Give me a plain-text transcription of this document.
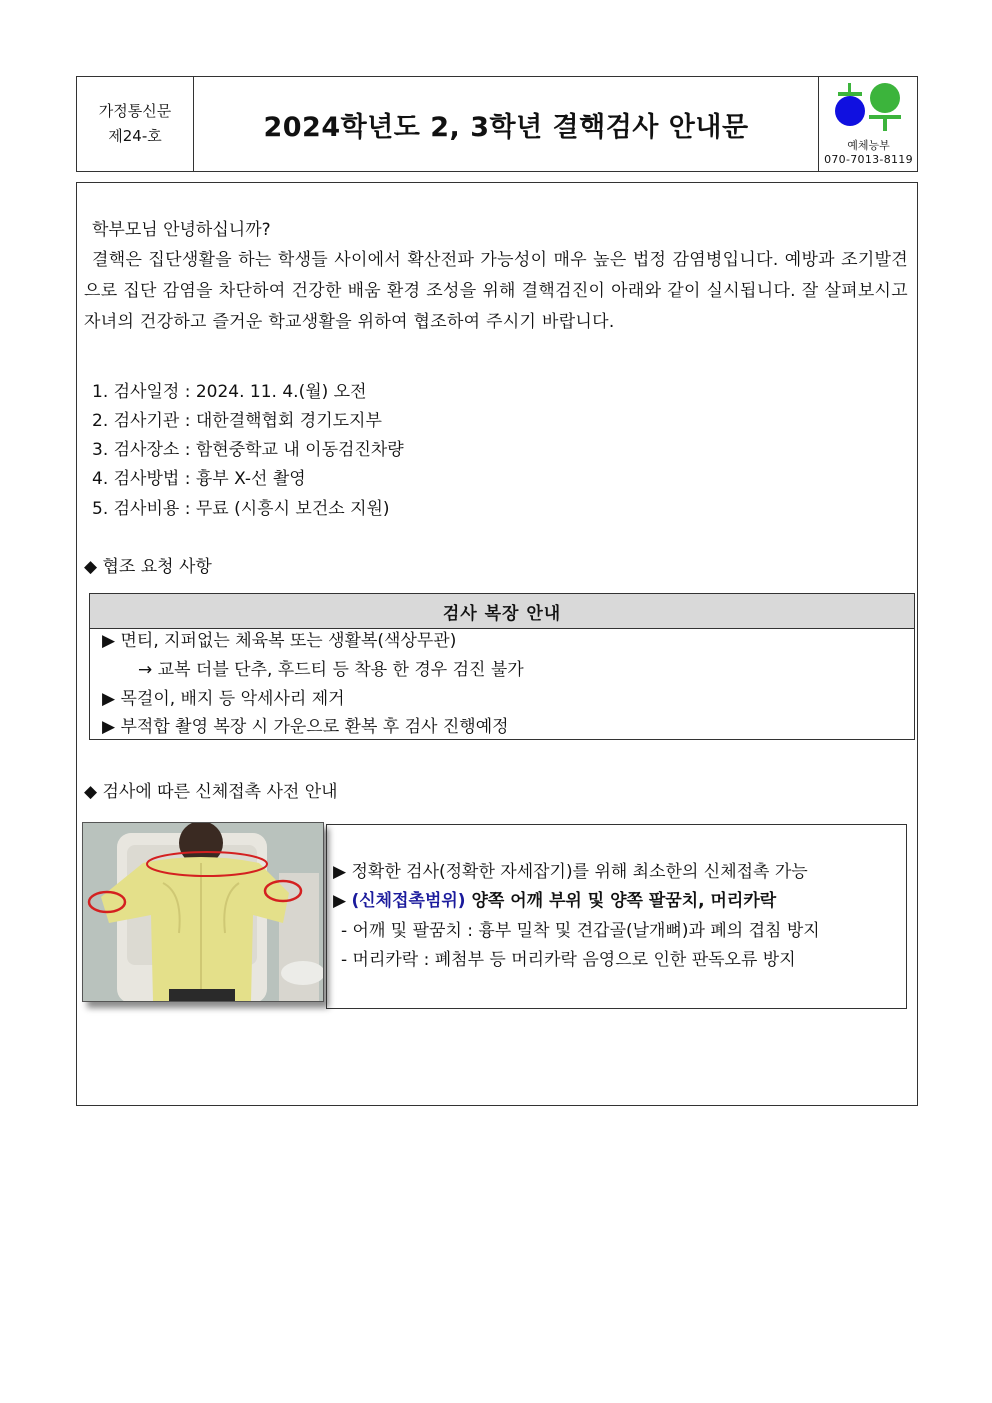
가정통신문
제24-호	2024학년도 2, 3학년 결핵검사 안내문
예체능부
070-7013-8119
학부모님 안녕하십니까?
결핵은 집단생활을 하는 학생들 사이에서 확산전파 가능성이 매우 높은 법정 감염병입니다. 예방과 조기발견으로 집단 감염을 차단하여 건강한 배움 환경 조성을 위해 결핵검진이 아래와 같이 실시됩니다. 잘 살펴보시고 자녀의 건강하고 즐거운 학교생활을 위하여 협조하여 주시기 바랍니다.
1. 검사일정 : 2024. 11. 4.(월) 오전
2. 검사기관 : 대한결핵협회 경기도지부
3. 검사장소 : 함현중학교 내 이동검진차량
4. 검사방법 : 흉부 X-선 촬영
5. 검사비용 : 무료 (시흥시 보건소 지원)
◆ 협조 요청 사항
검사 복장 안내
▶ 면티, 지퍼없는 체육복 또는 생활복(색상무관)
→ 교복 더블 단추, 후드티 등 착용 한 경우 검진 불가
▶ 목걸이, 배지 등 악세사리 제거
▶ 부적합 촬영 복장 시 가운으로 환복 후 검사 진행예정
◆ 검사에 따른 신체접촉 사전 안내
▶ 정확한 검사(정확한 자세잡기)를 위해 최소한의 신체접촉 가능
▶ (신체접촉범위) 양쪽 어깨 부위 및 양쪽 팔꿈치, 머리카락
- 어깨 및 팔꿈치 : 흉부 밀착 및 견갑골(날개뼈)과 폐의 겹침 방지
- 머리카락 : 폐첨부 등 머리카락 음영으로 인한 판독오류 방지
